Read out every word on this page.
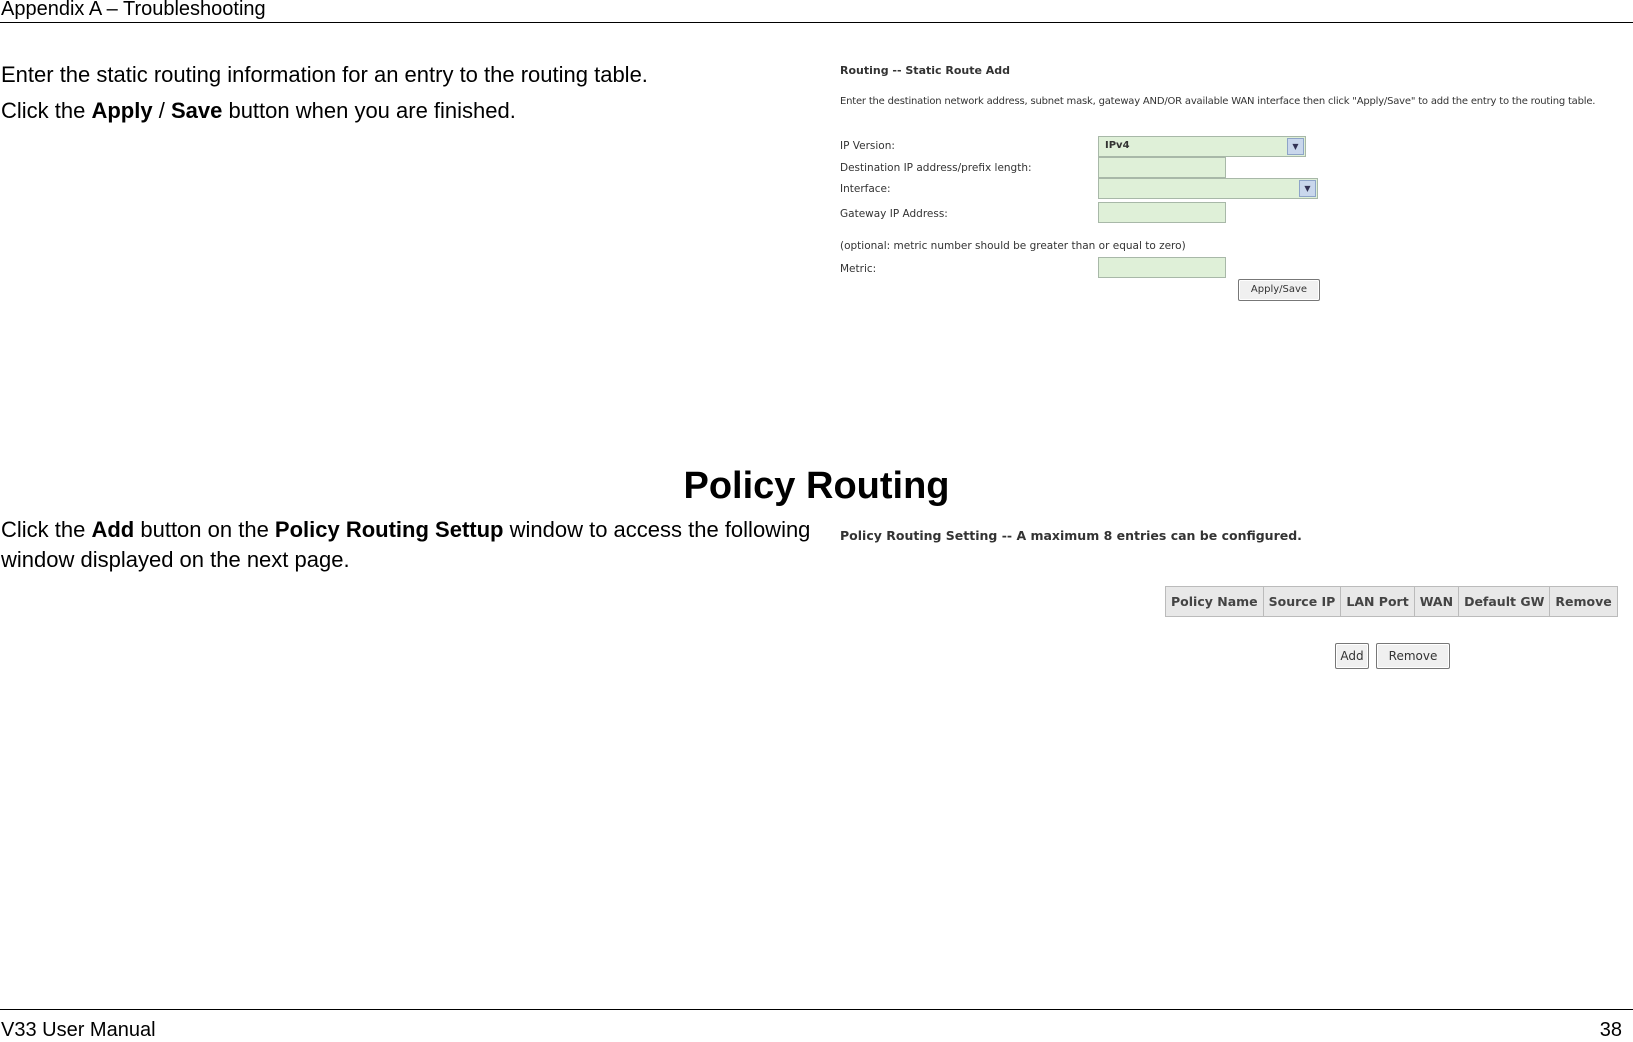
Appendix A – Troubleshooting
Enter the static routing information for an entry to the routing table.
Click the Apply / Save button when you are finished.
Routing -- Static Route Add
Enter the destination network address, subnet mask, gateway AND/OR available WAN interface then click "Apply/Save" to add the entry to the routing table.
IP Version:	IPv4	▼
Destination IP address/prefix length:
Interface:	▼
Gateway IP Address:
(optional: metric number should be greater than or equal to zero)
Metric:
Apply/Save
Policy Routing
Click the Add button on the Policy Routing Settup window to access the following window displayed on the next page.
Policy Routing Setting -- A maximum 8 entries can be configured.
Policy Name	Source IP	LAN Port	WAN	Default GW	Remove
Add	Remove
V33 User Manual	38
